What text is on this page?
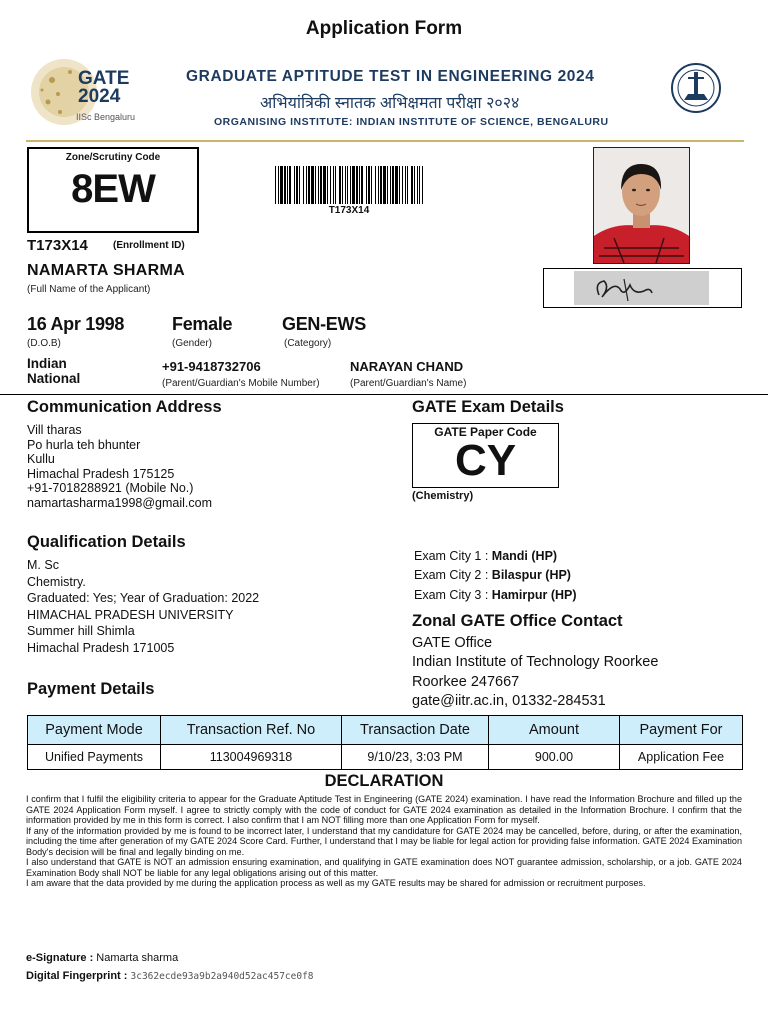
Application Form
GATE
2024
IISc Bengaluru
GRADUATE APTITUDE TEST IN ENGINEERING 2024
अभियांत्रिकी स्नातक अभिक्षमता परीक्षा २०२४
ORGANISING INSTITUTE: INDIAN INSTITUTE OF SCIENCE, BENGALURU
Zone/Scrutiny Code
8EW	T173X14
T173X14	(Enrollment ID)
NAMARTA SHARMA
(Full Name of the Applicant)
16 Apr 1998
(D.O.B)
Female
(Gender)
GEN-EWS
(Category)
Indian
National
+91-9418732706
(Parent/Guardian's Mobile Number)
NARAYAN CHAND
(Parent/Guardian's Name)
Communication Address
Vill tharas
Po hurla teh bhunter
Kullu
Himachal Pradesh 175125
+91-7018288921 (Mobile No.)
namartasharma1998@gmail.com
GATE Exam Details
GATE Paper Code
CY
(Chemistry)
Qualification Details
M. Sc
Chemistry.
Graduated: Yes; Year of Graduation: 2022
HIMACHAL PRADESH UNIVERSITY
Summer hill Shimla
Himachal Pradesh 171005
Exam City 1 : Mandi (HP)
Exam City 2 : Bilaspur (HP)
Exam City 3 : Hamirpur (HP)
Zonal GATE Office Contact
GATE Office
Indian Institute of Technology Roorkee
Roorkee 247667
gate@iitr.ac.in, 01332-284531
Payment Details
Payment Mode	Transaction Ref. No	Transaction Date	Amount	Payment For
Unified Payments	113004969318	9/10/23, 3:03 PM	900.00	Application Fee
DECLARATION

I confirm that I fulfil the eligibility criteria to appear for the Graduate Aptitude Test in Engineering (GATE 2024) examination. I have read the Information Brochure and filled up the GATE 2024 Application Form myself. I agree to strictly comply with the code of conduct for GATE 2024 examination as detailed in the Information Brochure. I confirm that the information provided by me in this form is correct. I also confirm that I am NOT filling more than one Application Form for myself.

If any of the information provided by me is found to be incorrect later, I understand that my candidature for GATE 2024 may be cancelled, before, during, or after the examination, including the time after generation of my GATE 2024 Score Card. Further, I understand that I may be liable for legal action for providing false information. GATE 2024 Examination Body's decision will be final and legally binding on me.

I also understand that GATE is NOT an admission ensuring examination, and qualifying in GATE examination does NOT guarantee admission, scholarship, or a job. GATE 2024 Examination Body shall NOT be liable for any legal obligations arising out of this matter.

I am aware that the data provided by me during the application process as well as my GATE results may be shared for admission or recruitment purposes.

e-Signature : Namarta sharma
Digital Fingerprint : 3c362ecde93a9b2a940d52ac457ce0f8
